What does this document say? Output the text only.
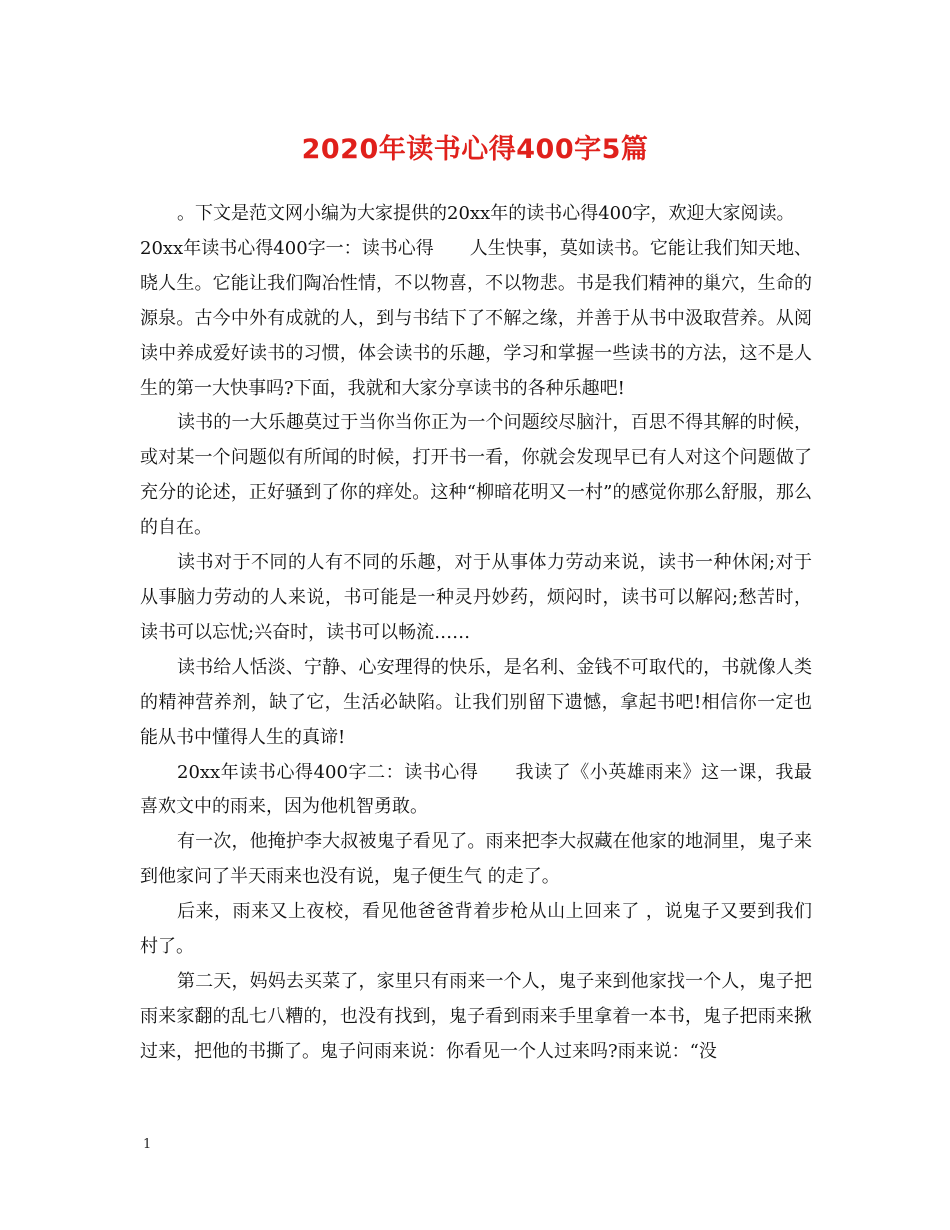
2020年读书心得400字5篇

。下文是范文网小编为大家提供的20xx年的读书心得400字，欢迎大家阅读。

20xx年读书心得400字一：读书心得　　人生快事，莫如读书。它能让我们知天地、晓人生。它能让我们陶冶性情，不以物喜，不以物悲。书是我们精神的巢穴，生命的源泉。古今中外有成就的人，到与书结下了不解之缘，并善于从书中汲取营养。从阅读中养成爱好读书的习惯，体会读书的乐趣，学习和掌握一些读书的方法，这不是人生的第一大快事吗?下面，我就和大家分享读书的各种乐趣吧!

读书的一大乐趣莫过于当你当你正为一个问题绞尽脑汁，百思不得其解的时候，或对某一个问题似有所闻的时候，打开书一看，你就会发现早已有人对这个问题做了充分的论述，正好骚到了你的痒处。这种“柳暗花明又一村”的感觉你那么舒服，那么的自在。

读书对于不同的人有不同的乐趣，对于从事体力劳动来说，读书一种休闲;对于从事脑力劳动的人来说，书可能是一种灵丹妙药，烦闷时，读书可以解闷;愁苦时，读书可以忘忧;兴奋时，读书可以畅流……

读书给人恬淡、宁静、心安理得的快乐，是名利、金钱不可取代的，书就像人类的精神营养剂，缺了它，生活必缺陷。让我们别留下遗憾，拿起书吧!相信你一定也能从书中懂得人生的真谛!

20xx年读书心得400字二：读书心得　　我读了《小英雄雨来》这一课，我最喜欢文中的雨来，因为他机智勇敢。

有一次，他掩护李大叔被鬼子看见了。雨来把李大叔藏在他家的地洞里，鬼子来到他家问了半天雨来也没有说，鬼子便生气 的走了。

后来，雨来又上夜校，看见他爸爸背着步枪从山上回来了 ，说鬼子又要到我们村了。

第二天，妈妈去买菜了，家里只有雨来一个人，鬼子来到他家找一个人，鬼子把雨来家翻的乱七八糟的，也没有找到，鬼子看到雨来手里拿着一本书，鬼子把雨来揪过来，把他的书撕了。鬼子问雨来说：你看见一个人过来吗?雨来说：“没

1
